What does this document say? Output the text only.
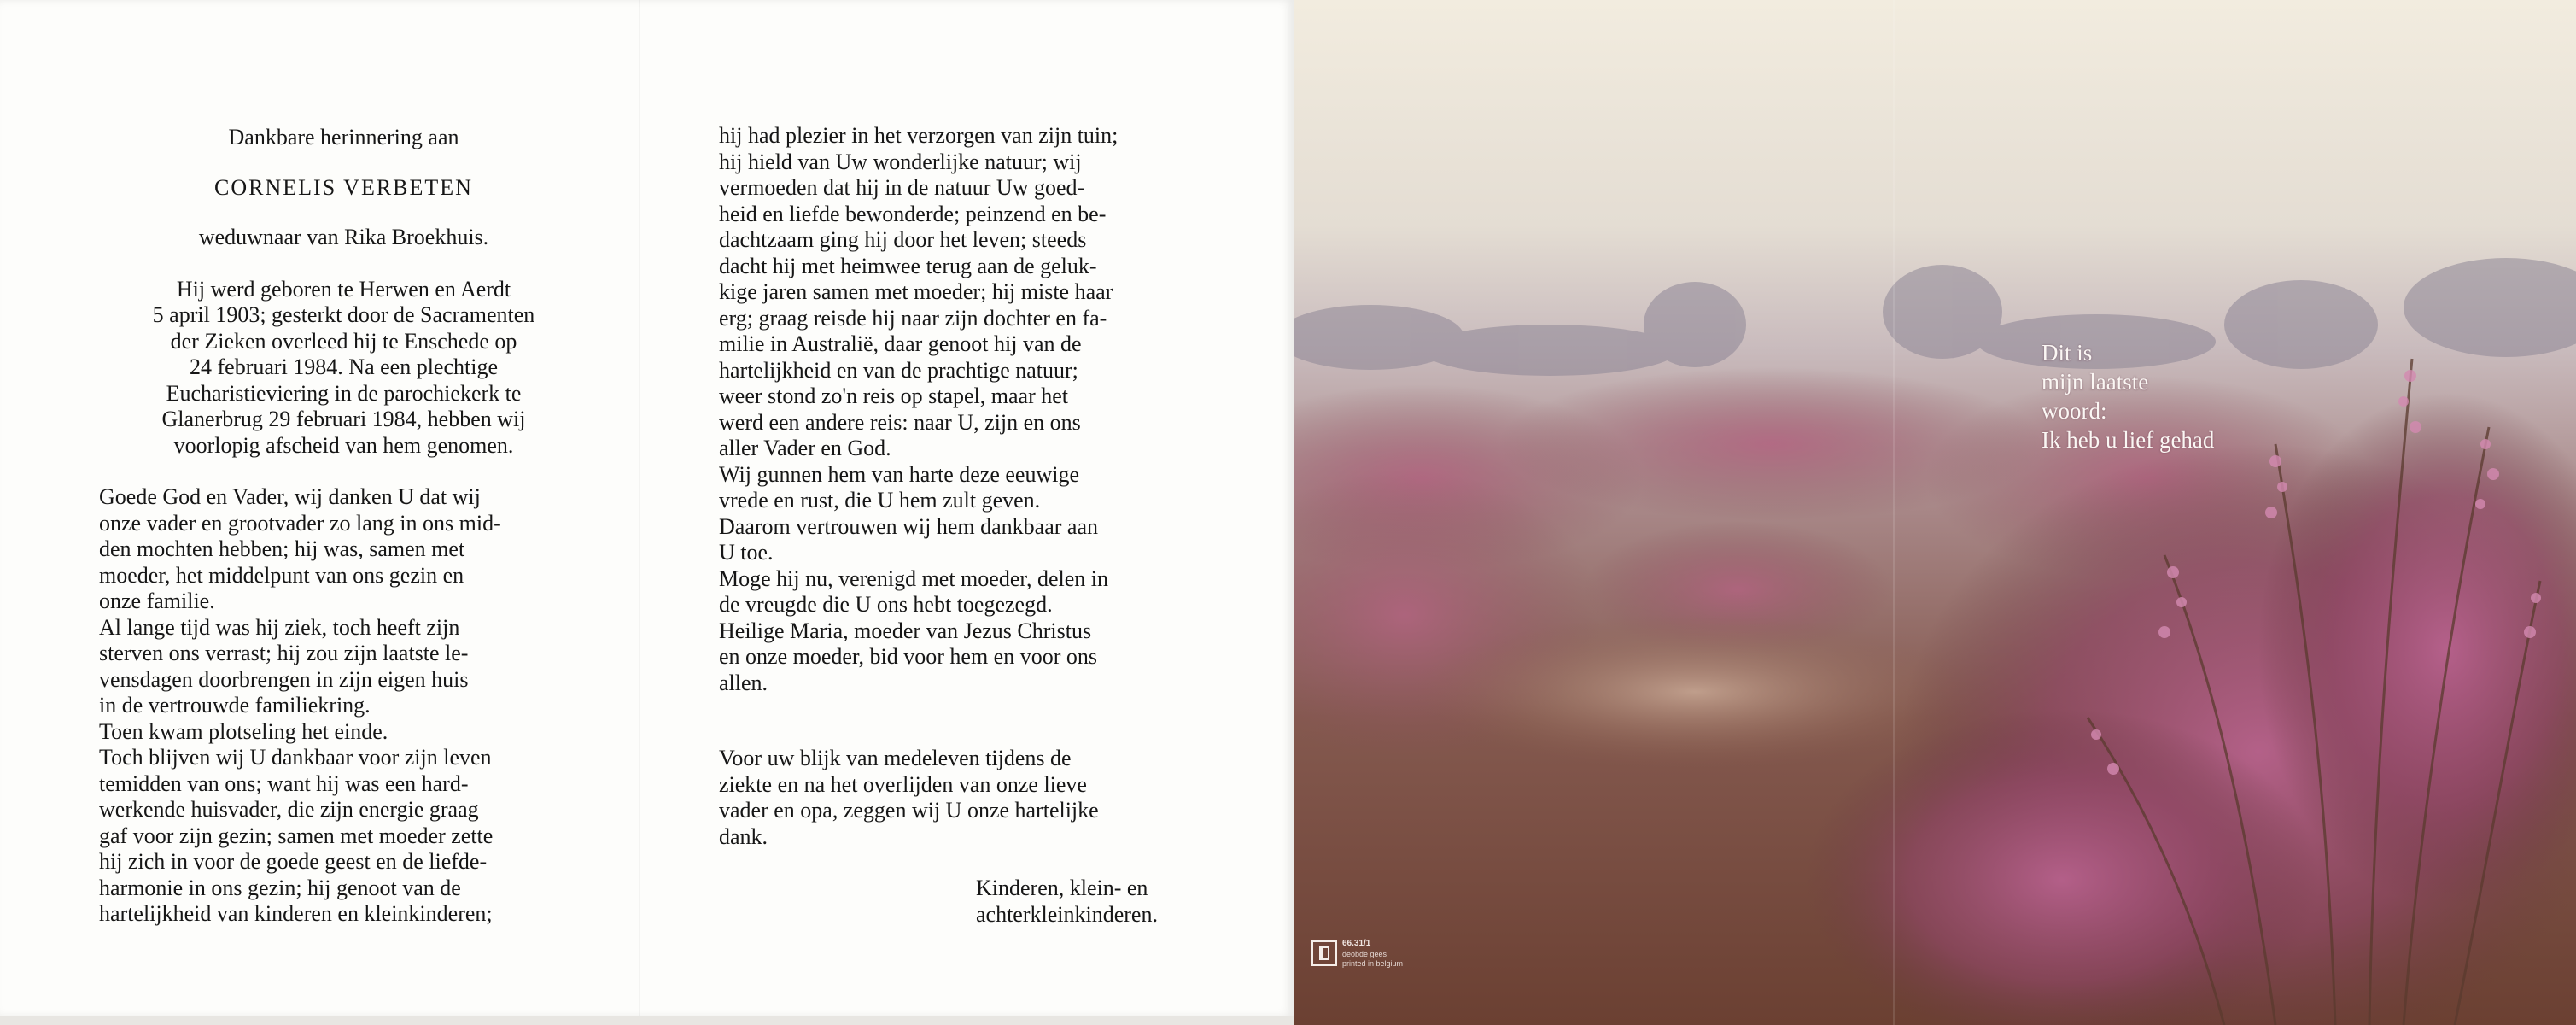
Dankbare herinnering aan

CORNELIS VERBETEN

weduwnaar van Rika Broekhuis.

Hij werd geboren te Herwen en Aerdt

5 april 1903; gesterkt door de Sacramenten

der Zieken overleed hij te Enschede op

24 februari 1984. Na een plechtige

Eucharistieviering in de parochiekerk te

Glanerbrug 29 februari 1984, hebben wij

voorlopig afscheid van hem genomen.

Goede God en Vader, wij danken U dat wij

onze vader en grootvader zo lang in ons mid-

den mochten hebben; hij was, samen met

moeder, het middelpunt van ons gezin en

onze familie.

Al lange tijd was hij ziek, toch heeft zijn

sterven ons verrast; hij zou zijn laatste le-

vensdagen doorbrengen in zijn eigen huis

in de vertrouwde familiekring.

Toen kwam plotseling het einde.

Toch blijven wij U dankbaar voor zijn leven

temidden van ons; want hij was een hard-

werkende huisvader, die zijn energie graag

gaf voor zijn gezin; samen met moeder zette

hij zich in voor de goede geest en de liefde-

harmonie in ons gezin; hij genoot van de

hartelijkheid van kinderen en kleinkinderen;

hij had plezier in het verzorgen van zijn tuin;

hij hield van Uw wonderlijke natuur; wij

vermoeden dat hij in de natuur Uw goed-

heid en liefde bewonderde; peinzend en be-

dachtzaam ging hij door het leven; steeds

dacht hij met heimwee terug aan de geluk-

kige jaren samen met moeder; hij miste haar

erg; graag reisde hij naar zijn dochter en fa-

milie in Australië, daar genoot hij van de

hartelijkheid en van de prachtige natuur;

weer stond zo'n reis op stapel, maar het

werd een andere reis: naar U, zijn en ons

aller Vader en God.

Wij gunnen hem van harte deze eeuwige

vrede en rust, die U hem zult geven.

Daarom vertrouwen wij hem dankbaar aan

U toe.

Moge hij nu, verenigd met moeder, delen in

de vreugde die U ons hebt toegezegd.

Heilige Maria, moeder van Jezus Christus

en onze moeder, bid voor hem en voor ons

allen.

Voor uw blijk van medeleven tijdens de

ziekte en na het overlijden van onze lieve

vader en opa, zeggen wij U onze hartelijke

dank.

Kinderen, klein- en

achterkleinkinderen.

Dit is

mijn laatste

woord:

Ik heb u lief gehad

66.31/1
deobde gees
printed in belgium
